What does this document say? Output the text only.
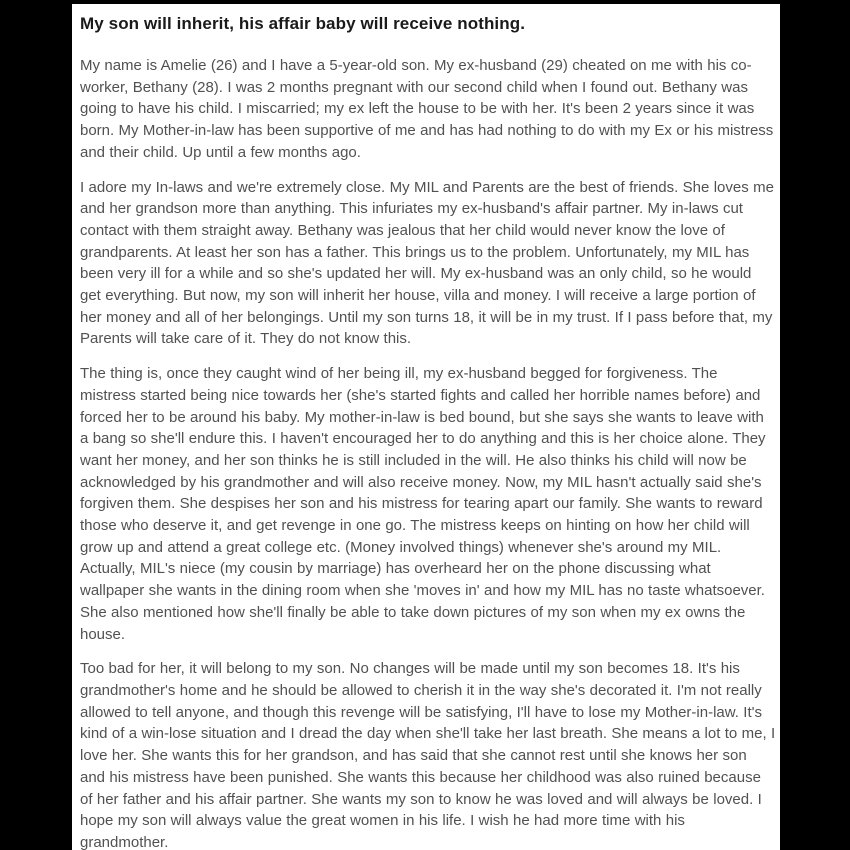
My son will inherit, his affair baby will receive nothing.

My name is Amelie (26) and I have a 5-year-old son. My ex-husband (29) cheated on me with his co-worker, Bethany (28). I was 2 months pregnant with our second child when I found out. Bethany was going to have his child. I miscarried; my ex left the house to be with her. It's been 2 years since it was born. My Mother-in-law has been supportive of me and has had nothing to do with my Ex or his mistress and their child. Up until a few months ago.

I adore my In-laws and we're extremely close. My MIL and Parents are the best of friends. She loves me and her grandson more than anything. This infuriates my ex-husband's affair partner. My in-laws cut contact with them straight away. Bethany was jealous that her child would never know the love of grandparents. At least her son has a father. This brings us to the problem. Unfortunately, my MIL has been very ill for a while and so she's updated her will. My ex-husband was an only child, so he would get everything. But now, my son will inherit her house, villa and money. I will receive a large portion of her money and all of her belongings. Until my son turns 18, it will be in my trust. If I pass before that, my Parents will take care of it. They do not know this.

The thing is, once they caught wind of her being ill, my ex-husband begged for forgiveness. The mistress started being nice towards her (she's started fights and called her horrible names before) and forced her to be around his baby. My mother-in-law is bed bound, but she says she wants to leave with a bang so she'll endure this. I haven't encouraged her to do anything and this is her choice alone. They want her money, and her son thinks he is still included in the will. He also thinks his child will now be acknowledged by his grandmother and will also receive money. Now, my MIL hasn't actually said she's forgiven them. She despises her son and his mistress for tearing apart our family. She wants to reward those who deserve it, and get revenge in one go. The mistress keeps on hinting on how her child will grow up and attend a great college etc. (Money involved things) whenever she's around my MIL. Actually, MIL's niece (my cousin by marriage) has overheard her on the phone discussing what wallpaper she wants in the dining room when she 'moves in' and how my MIL has no taste whatsoever. She also mentioned how she'll finally be able to take down pictures of my son when my ex owns the house.

Too bad for her, it will belong to my son. No changes will be made until my son becomes 18. It's his grandmother's home and he should be allowed to cherish it in the way she's decorated it. I'm not really allowed to tell anyone, and though this revenge will be satisfying, I'll have to lose my Mother-in-law. It's kind of a win-lose situation and I dread the day when she'll take her last breath. She means a lot to me, I love her. She wants this for her grandson, and has said that she cannot rest until she knows her son and his mistress have been punished. She wants this because her childhood was also ruined because of her father and his affair partner. She wants my son to know he was loved and will always be loved. I hope my son will always value the great women in his life. I wish he had more time with his grandmother.
